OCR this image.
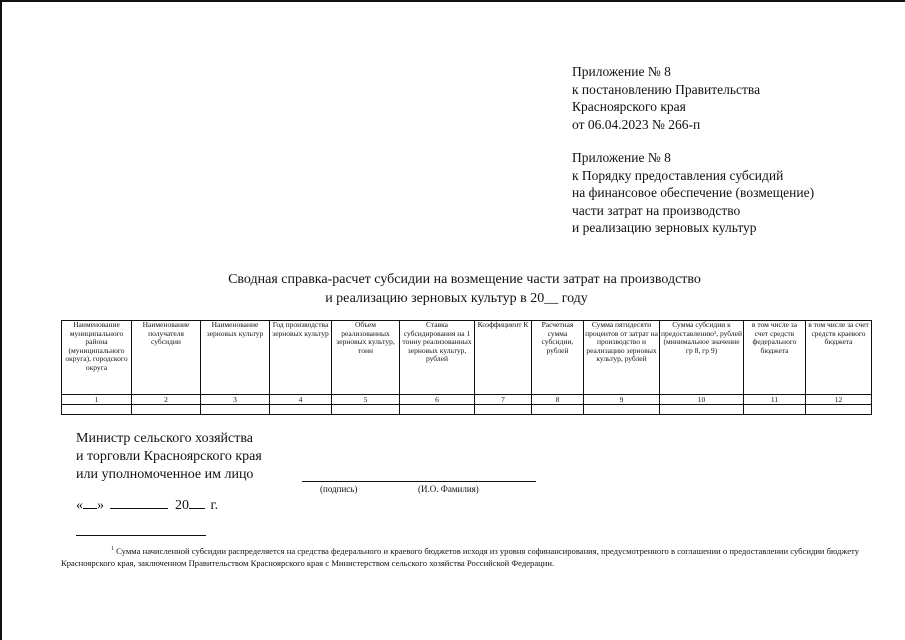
Приложение № 8
к постановлению Правительства
Красноярского края
от 06.04.2023 № 266-п
Приложение № 8
к Порядку предоставления субсидий
на финансовое обеспечение (возмещение)
части затрат на производство
и реализацию зерновых культур
Сводная справка-расчет субсидии на возмещение части затрат на производство
и реализацию зерновых культур в 20__ году
Наименование муниципального района (муниципального округа), городского округа	Наименование получателя субсидии	Наименование зерновых культур	Год производства зерновых культур	Объем реализованных зерновых культур, тонн	Ставка субсидирования на 1 тонну реализованных зерновых культур, рублей	Коэффициент К	Расчетная сумма субсидии, рублей	Сумма пятидесяти процентов от затрат на производство и реализацию зерновых культур, рублей	Сумма субсидии к предоставлению¹, рублей (минимальное значение гр 8, гр 9)	в том числе за счет средств федерального бюджета	в том числе за счет средств краевого бюджета
1	2	3	4	5	6	7	8	9	10	11	12

Министр сельского хозяйства
и торговли Красноярского края
или уполномоченное им лицо
(подпись)	(И.О. Фамилия)
« »	20 г.
$^1$ Сумма начисленной субсидии распределяется на средства федерального и краевого бюджетов исходя из уровня софинансирования, предусмотренного в соглашении о предоставлении субсидии бюджету Красноярского края, заключенном Правительством Красноярского края с Министерством сельского хозяйства Российской Федерации.
